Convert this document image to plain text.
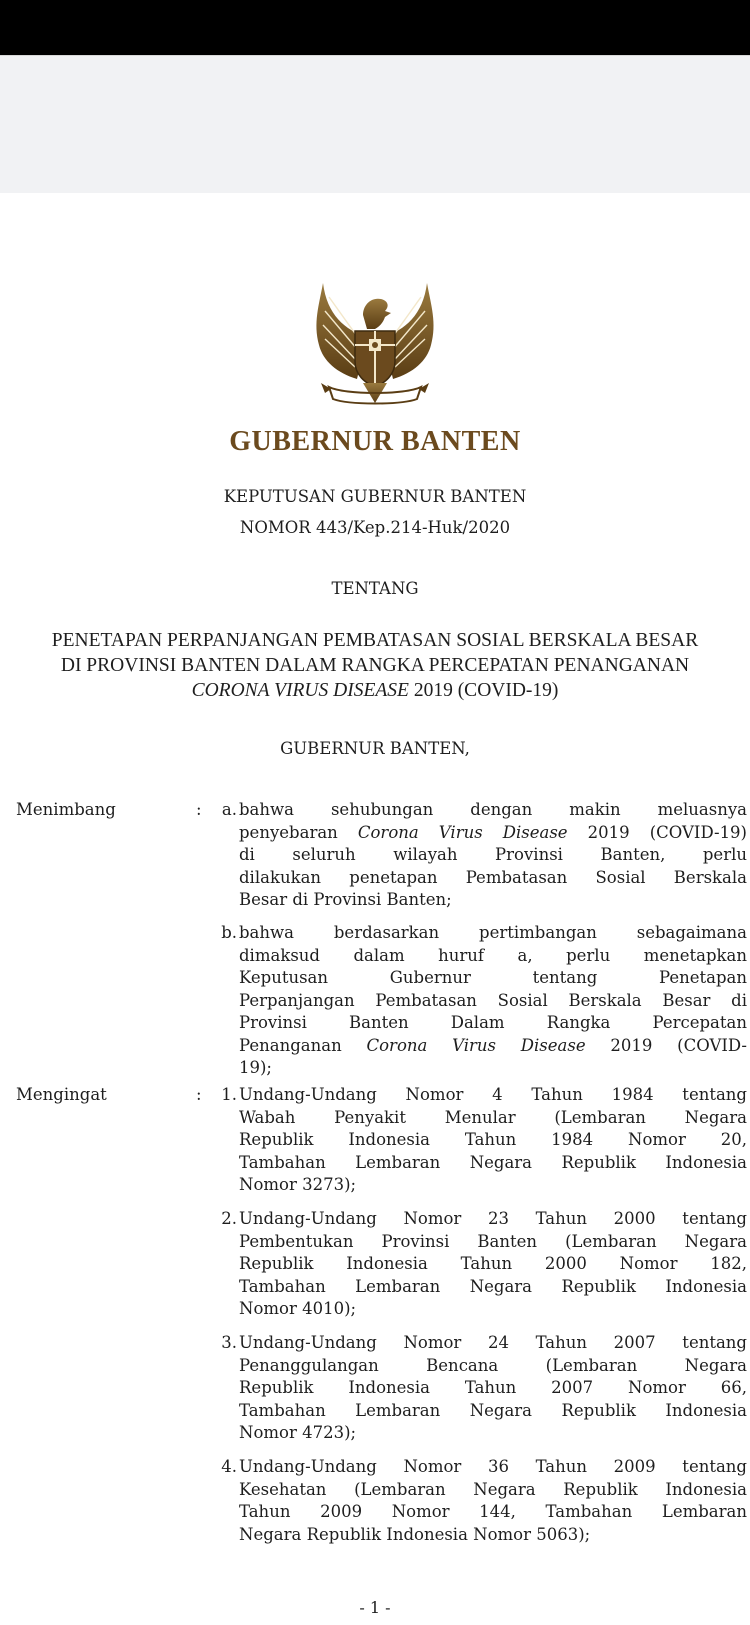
GUBERNUR BANTEN
KEPUTUSAN GUBERNUR BANTEN
NOMOR 443/Kep.214-Huk/2020
TENTANG
PENETAPAN PERPANJANGAN PEMBATASAN SOSIAL BERSKALA BESAR
DI PROVINSI BANTEN DALAM RANGKA PERCEPATAN PENANGANAN
CORONA VIRUS DISEASE 2019 (COVID-19)
GUBERNUR BANTEN,
Menimbang	:	a. bahwa sehubungan dengan makin meluasnya
penyebaran Corona Virus Disease 2019 (COVID-19)
di seluruh wilayah Provinsi Banten, perlu
dilakukan penetapan Pembatasan Sosial Berskala
Besar di Provinsi Banten;
b. bahwa berdasarkan pertimbangan sebagaimana
dimaksud dalam huruf a, perlu menetapkan
Keputusan Gubernur tentang Penetapan
Perpanjangan Pembatasan Sosial Berskala Besar di
Provinsi Banten Dalam Rangka Percepatan
Penanganan Corona Virus Disease 2019 (COVID-
19);
Mengingat	:	1. Undang-Undang Nomor 4 Tahun 1984 tentang
Wabah Penyakit Menular (Lembaran Negara
Republik Indonesia Tahun 1984 Nomor 20,
Tambahan Lembaran Negara Republik Indonesia
Nomor 3273);
2. Undang-Undang Nomor 23 Tahun 2000 tentang
Pembentukan Provinsi Banten (Lembaran Negara
Republik Indonesia Tahun 2000 Nomor 182,
Tambahan Lembaran Negara Republik Indonesia
Nomor 4010);
3. Undang-Undang Nomor 24 Tahun 2007 tentang
Penanggulangan Bencana (Lembaran Negara
Republik Indonesia Tahun 2007 Nomor 66,
Tambahan Lembaran Negara Republik Indonesia
Nomor 4723);
4. Undang-Undang Nomor 36 Tahun 2009 tentang
Kesehatan (Lembaran Negara Republik Indonesia
Tahun 2009 Nomor 144, Tambahan Lembaran
Negara Republik Indonesia Nomor 5063);
- 1 -
